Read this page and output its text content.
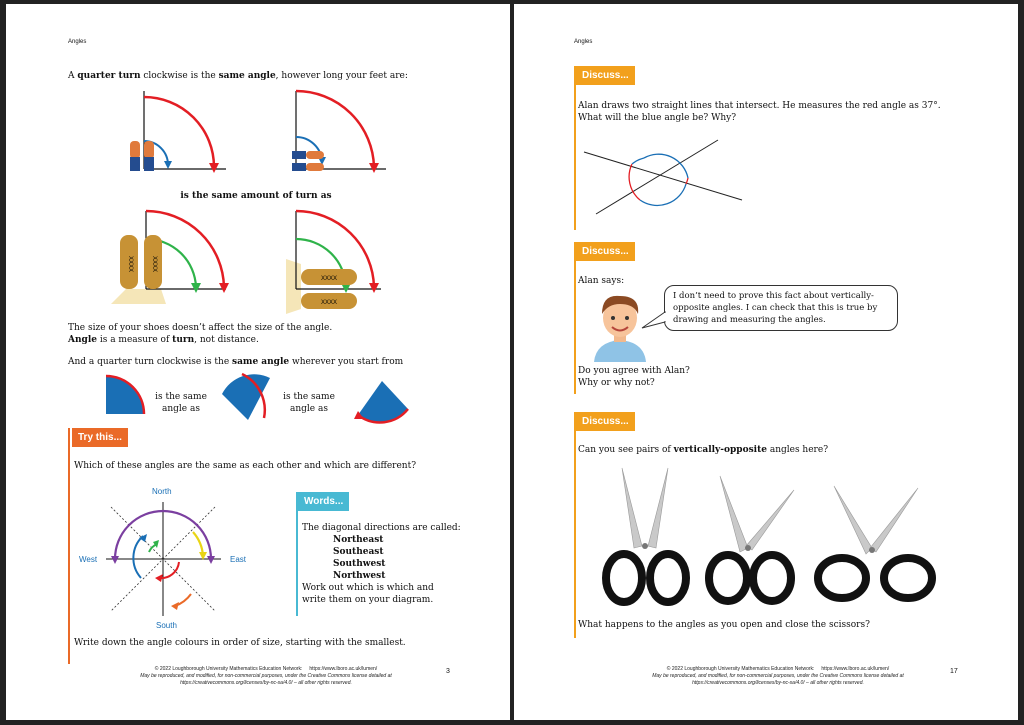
Angles
A quarter turn clockwise is the same angle, however long your feet are:
is the same amount of turn as
XXXX	XXXX
XXXX
XXXX
The size of your shoes doesn’t affect the size of the angle.
Angle is a measure of turn, not distance.
And a quarter turn clockwise is the same angle wherever you start from
is the same
angle as
is the same
angle as
Try this...
Which of these angles are the same as each other and which are different?
North
South
East
West
Words...
The diagonal directions are called:
Northeast
Southeast
Southwest
Northwest
Work out which is which and
write them on your diagram.
Write down the angle colours in order of size, starting with the smallest.
© 2022 Loughborough University Mathematics Education Network: https://www.lboro.ac.uk/lumen/
May be reproduced, and modified, for non-commercial purposes, under the Creative Commons license detailed at
https://creativecommons.org/licenses/by-nc-sa/4.0/ – all other rights reserved.
3
Angles
Discuss...
Alan draws two straight lines that intersect. He measures the red angle as 37°.
What will the blue angle be? Why?
Discuss...
Alan says:
I don’t need to prove this fact about vertically-
opposite angles. I can check that this is true by
drawing and measuring the angles.
Do you agree with Alan?
Why or why not?
Discuss...
Can you see pairs of vertically-opposite angles here?
What happens to the angles as you open and close the scissors?
© 2022 Loughborough University Mathematics Education Network: https://www.lboro.ac.uk/lumen/
May be reproduced, and modified, for non-commercial purposes, under the Creative Commons license detailed at
https://creativecommons.org/licenses/by-nc-sa/4.0/ – all other rights reserved.
17
